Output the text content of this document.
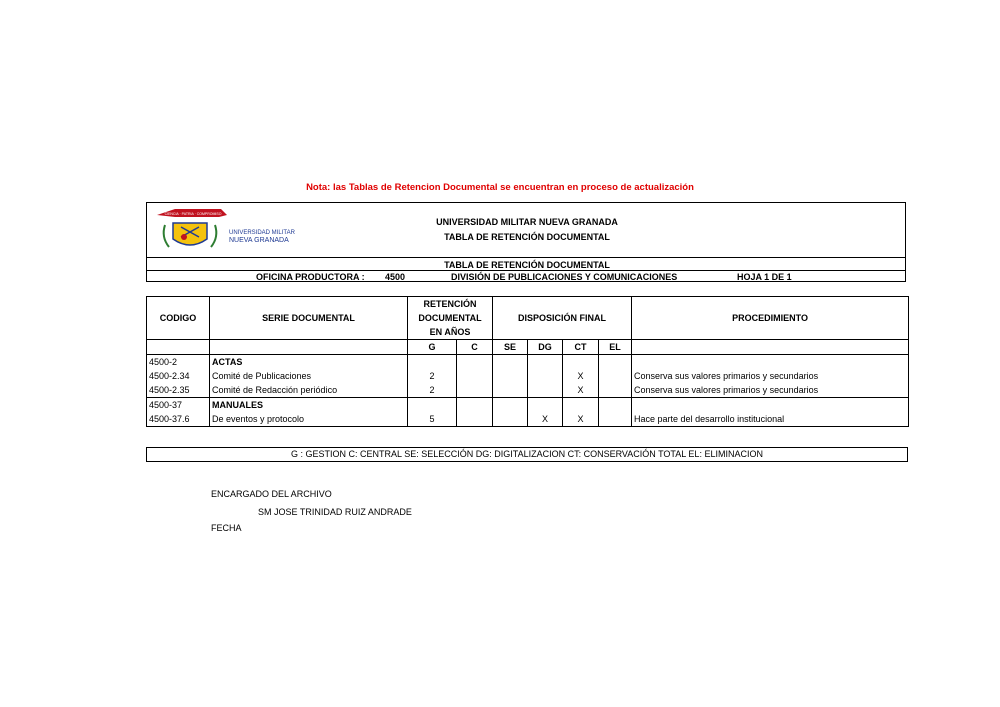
Nota: las Tablas de Retencion Documental se encuentran en proceso de actualización
CIENCIA · PATRIA · COMPROMISO
UNIVERSIDAD MILITAR
NUEVA GRANADA
UNIVERSIDAD MILITAR NUEVA GRANADA
TABLA DE RETENCIÓN DOCUMENTAL
TABLA DE RETENCIÓN DOCUMENTAL
OFICINA PRODUCTORA : 4500	DIVISIÓN DE PUBLICACIONES Y COMUNICACIONES	HOJA 1 DE 1
CODIGO	SERIE DOCUMENTAL	RETENCIÓN		DISPOSICIÓN FINAL				PROCEDIMIENTO
		DOCUMENTAL						
		EN AÑOS						
		G	C	SE	DG	CT	EL	
4500-2	ACTAS							
4500-2.34	Comité de Publicaciones	2				X		Conserva sus valores primarios y secundarios
4500-2.35	Comité de Redacción periódico	2				X		Conserva sus valores primarios y secundarios
4500-37	MANUALES							
4500-37.6	De eventos y protocolo	5			X	X		Hace parte del desarrollo institucional
G : GESTION C: CENTRAL SE: SELECCIÓN DG: DIGITALIZACION CT: CONSERVACIÓN TOTAL EL: ELIMINACION
ENCARGADO DEL ARCHIVO
SM JOSE TRINIDAD RUIZ ANDRADE
FECHA
